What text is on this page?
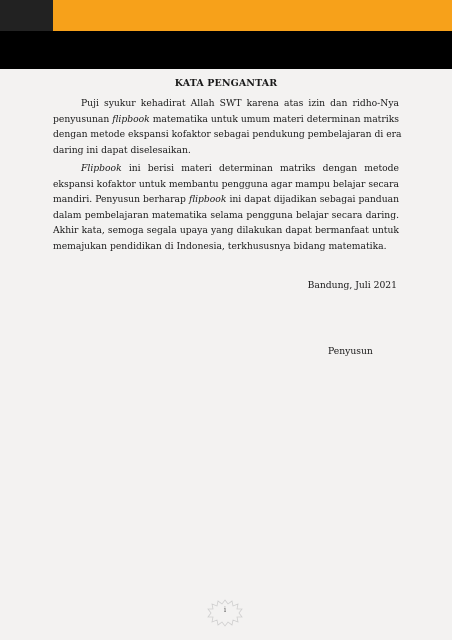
KATA PENGANTAR

Puji syukur kehadirat Allah SWT karena atas izin dan ridho-Nya
penyusunan flipbook matematika untuk umum materi determinan matriks
dengan metode ekspansi kofaktor sebagai pendukung pembelajaran di era
daring ini dapat diselesaikan.

Flipbook ini berisi materi determinan matriks dengan metode
ekspansi kofaktor untuk membantu pengguna agar mampu belajar secara
mandiri. Penyusun berharap flipbook ini dapat dijadikan sebagai panduan
dalam pembelajaran matematika selama pengguna belajar secara daring.
Akhir kata, semoga segala upaya yang dilakukan dapat bermanfaat untuk
memajukan pendidikan di Indonesia, terkhususnya bidang matematika.

Bandung, Juli 2021
Penyusun
i
